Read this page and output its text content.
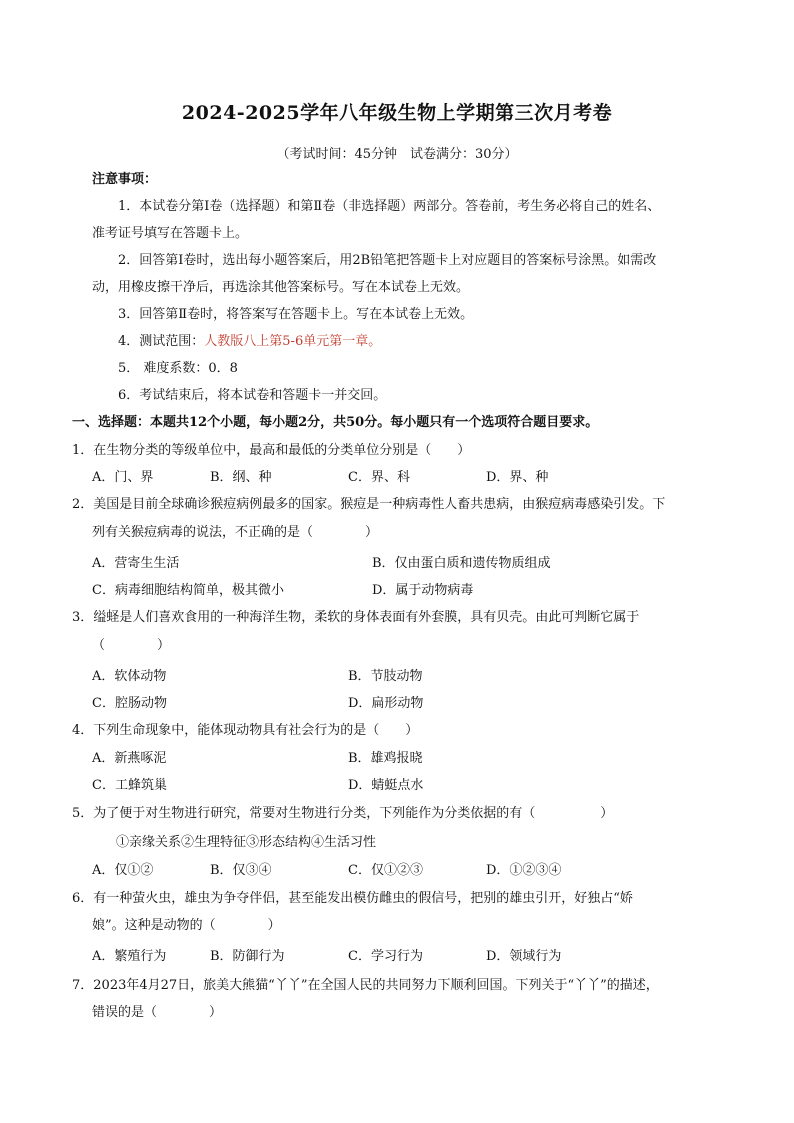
2024-2025学年八年级生物上学期第三次月考卷
（考试时间：45分钟　试卷满分：30分）
注意事项：
1．本试卷分第Ⅰ卷（选择题）和第Ⅱ卷（非选择题）两部分。答卷前，考生务必将自己的姓名、
准考证号填写在答题卡上。
2．回答第Ⅰ卷时，选出每小题答案后，用2B铅笔把答题卡上对应题目的答案标号涂黑。如需改
动，用橡皮擦干净后，再选涂其他答案标号。写在本试卷上无效。
3．回答第Ⅱ卷时，将答案写在答题卡上。写在本试卷上无效。
4．测试范围：人教版八上第5-6单元第一章。
5． 难度系数：0．8
6．考试结束后，将本试卷和答题卡一并交回。
一、选择题：本题共12个小题，每小题2分，共50分。每小题只有一个选项符合题目要求。
1．在生物分类的等级单位中，最高和最低的分类单位分别是（　　）
A．门、界	B．纲、种	C．界、科	D．界、种
2．美国是目前全球确诊猴痘病例最多的国家。猴痘是一种病毒性人畜共患病，由猴痘病毒感染引发。下
列有关猴痘病毒的说法，不正确的是（　　　　）
A．营寄生生活	B．仅由蛋白质和遗传物质组成
C．病毒细胞结构简单，极其微小	D．属于动物病毒
3．缢蛏是人们喜欢食用的一种海洋生物，柔软的身体表面有外套膜，具有贝壳。由此可判断它属于
（　　　　）
A．软体动物	B．节肢动物
C．腔肠动物	D．扁形动物
4．下列生命现象中，能体现动物具有社会行为的是（　　）
A．新燕啄泥	B．雄鸡报晓
C．工蜂筑巢	D．蜻蜓点水
5．为了便于对生物进行研究，常要对生物进行分类，下列能作为分类依据的有（　　　　　）
①亲缘关系②生理特征③形态结构④生活习性
A．仅①②	B．仅③④	C．仅①②③	D．①②③④
6．有一种萤火虫，雄虫为争夺伴侣，甚至能发出模仿雌虫的假信号，把别的雄虫引开，好独占“娇
娘”。这种是动物的（　　　　）
A．繁殖行为	B．防御行为	C．学习行为	D．领域行为
7．2023年4月27日，旅美大熊猫“丫丫”在全国人民的共同努力下顺利回国。下列关于“丫丫”的描述，
错误的是（　　　　）
